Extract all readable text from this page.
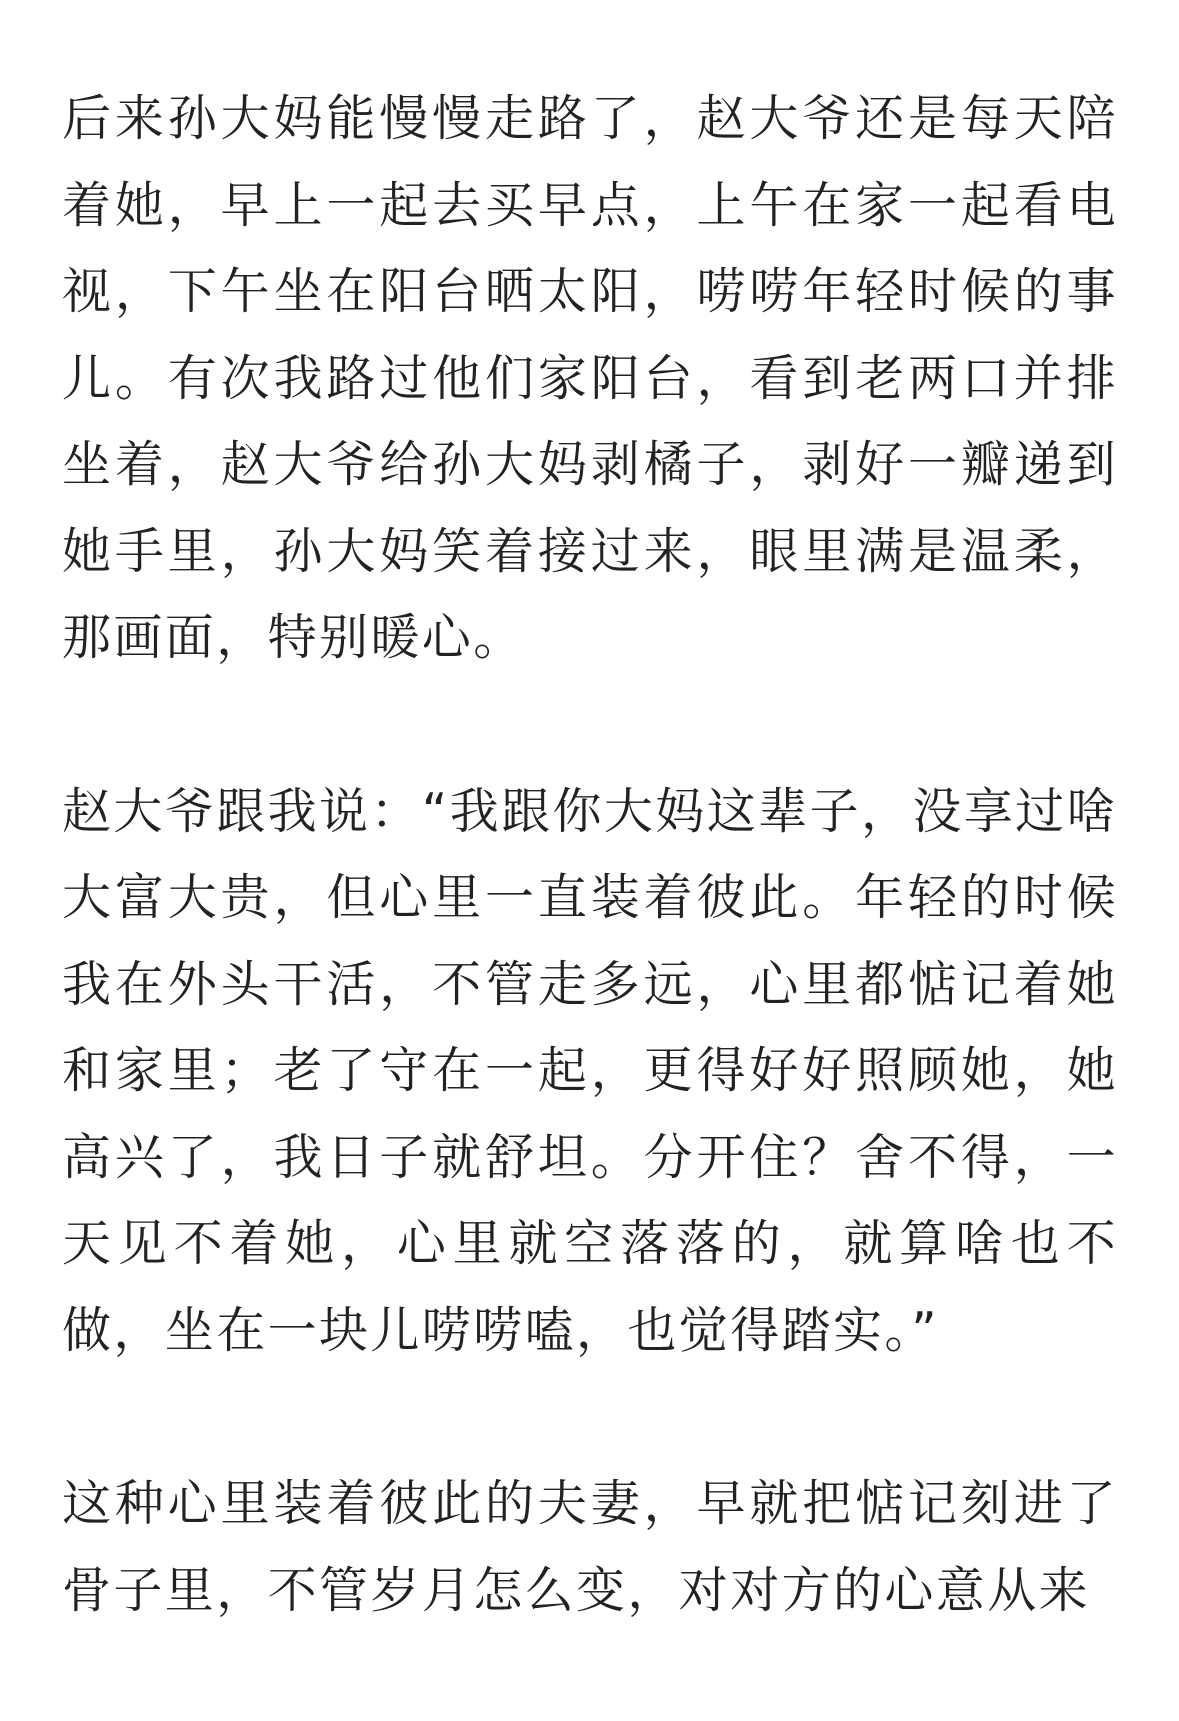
后来孙大妈能慢慢走路了，赵大爷还是每天陪着她，早上一起去买早点，上午在家一起看电视，下午坐在阳台晒太阳，唠唠年轻时候的事儿。有次我路过他们家阳台，看到老两口并排坐着，赵大爷给孙大妈剥橘子，剥好一瓣递到她手里，孙大妈笑着接过来，眼里满是温柔，那画面，特别暖心。

赵大爷跟我说：“我跟你大妈这辈子，没享过啥大富大贵，但心里一直装着彼此。年轻的时候我在外头干活，不管走多远，心里都惦记着她和家里；老了守在一起，更得好好照顾她，她高兴了，我日子就舒坦。分开住？舍不得，一天见不着她，心里就空落落的，就算啥也不做，坐在一块儿唠唠嗑，也觉得踏实。”

这种心里装着彼此的夫妻，早就把惦记刻进了骨子里，不管岁月怎么变，对对方的心意从来
